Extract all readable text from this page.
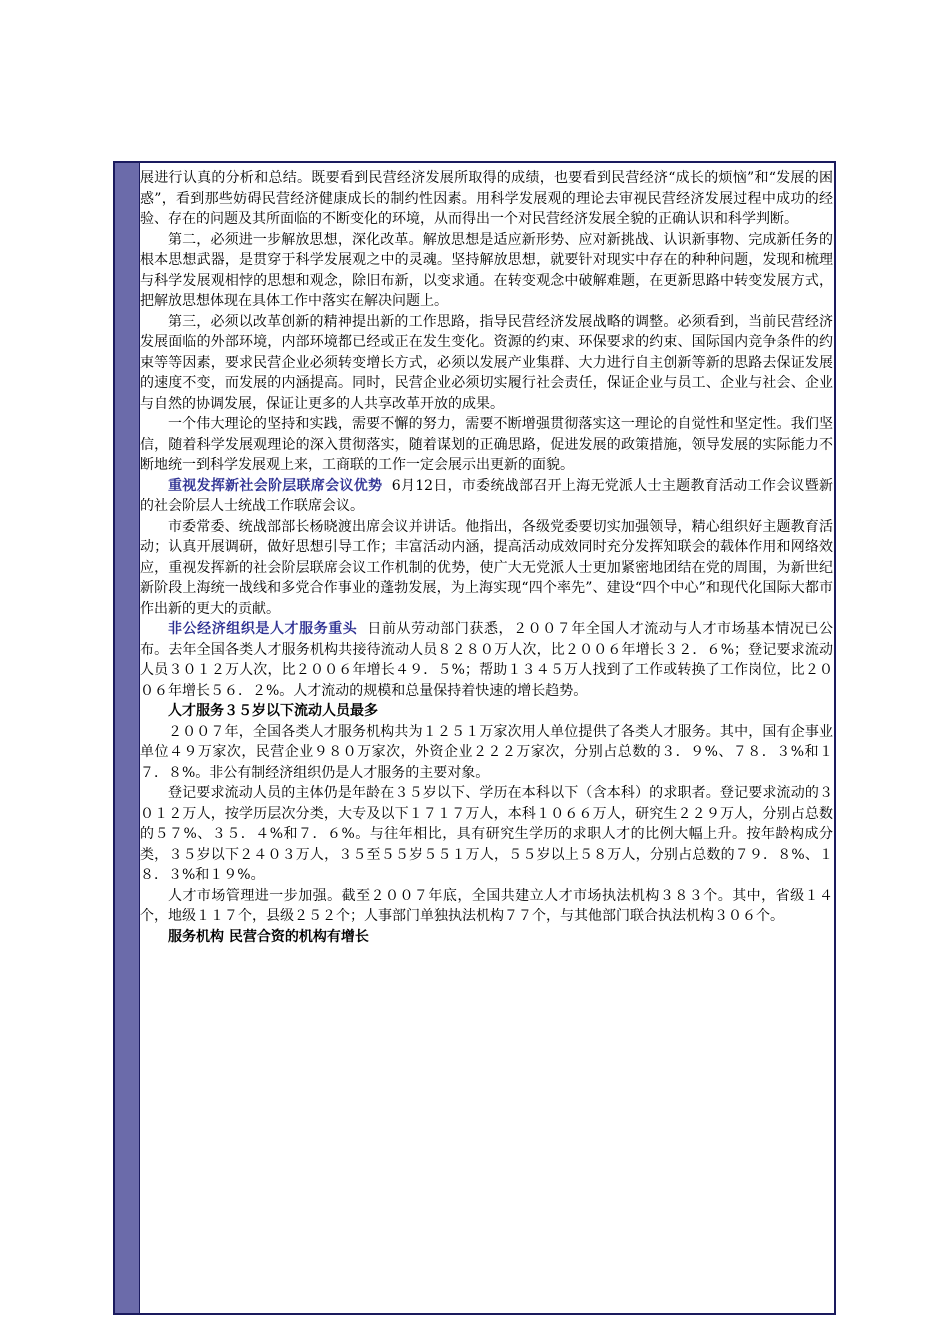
展进行认真的分析和总结。既要看到民营经济发展所取得的成绩，也要看到民营经济“成长的烦恼”和“发展的困惑”，看到那些妨碍民营经济健康成长的制约性因素。用科学发展观的理论去审视民营经济发展过程中成功的经验、存在的问题及其所面临的不断变化的环境，从而得出一个对民营经济发展全貌的正确认识和科学判断。

第二，必须进一步解放思想，深化改革。解放思想是适应新形势、应对新挑战、认识新事物、完成新任务的根本思想武器，是贯穿于科学发展观之中的灵魂。坚持解放思想，就要针对现实中存在的种种问题，发现和梳理与科学发展观相悖的思想和观念，除旧布新，以变求通。在转变观念中破解难题，在更新思路中转变发展方式，把解放思想体现在具体工作中落实在解决问题上。

第三，必须以改革创新的精神提出新的工作思路，指导民营经济发展战略的调整。必须看到，当前民营经济发展面临的外部环境，内部环境都已经或正在发生变化。资源的约束、环保要求的约束、国际国内竞争条件的约束等等因素，要求民营企业必须转变增长方式，必须以发展产业集群、大力进行自主创新等新的思路去保证发展的速度不变，而发展的内涵提高。同时，民营企业必须切实履行社会责任，保证企业与员工、企业与社会、企业与自然的协调发展，保证让更多的人共享改革开放的成果。

一个伟大理论的坚持和实践，需要不懈的努力，需要不断增强贯彻落实这一理论的自觉性和坚定性。我们坚信，随着科学发展观理论的深入贯彻落实，随着谋划的正确思路，促进发展的政策措施，领导发展的实际能力不断地统一到科学发展观上来，工商联的工作一定会展示出更新的面貌。

重视发挥新社会阶层联席会议优势 6月12日，市委统战部召开上海无党派人士主题教育活动工作会议暨新的社会阶层人士统战工作联席会议。

市委常委、统战部部长杨晓渡出席会议并讲话。他指出，各级党委要切实加强领导，精心组织好主题教育活动；认真开展调研，做好思想引导工作；丰富活动内涵，提高活动成效同时充分发挥知联会的载体作用和网络效应，重视发挥新的社会阶层联席会议工作机制的优势，使广大无党派人士更加紧密地团结在党的周围，为新世纪新阶段上海统一战线和多党合作事业的蓬勃发展，为上海实现“四个率先”、建设“四个中心”和现代化国际大都市作出新的更大的贡献。

非公经济组织是人才服务重头 日前从劳动部门获悉，２００７年全国人才流动与人才市场基本情况已公布。去年全国各类人才服务机构共接待流动人员８２８０万人次，比２００６年增长３２．６%；登记要求流动人员３０１２万人次，比２００６年增长４９．５%；帮助１３４５万人找到了工作或转换了工作岗位，比２００６年增长５６．２%。人才流动的规模和总量保持着快速的增长趋势。

人才服务３５岁以下流动人员最多

２００７年，全国各类人才服务机构共为１２５１万家次用人单位提供了各类人才服务。其中，国有企事业单位４９万家次，民营企业９８０万家次，外资企业２２２万家次，分别占总数的３．９%、７８．３%和１７．８%。非公有制经济组织仍是人才服务的主要对象。

登记要求流动人员的主体仍是年龄在３５岁以下、学历在本科以下（含本科）的求职者。登记要求流动的３０１２万人，按学历层次分类，大专及以下１７１７万人，本科１０６６万人，研究生２２９万人，分别占总数的５７%、３５．４%和７．６%。与往年相比，具有研究生学历的求职人才的比例大幅上升。按年龄构成分类，３５岁以下２４０３万人，３５至５５岁５５１万人，５５岁以上５８万人，分别占总数的７９．８%、１８．３%和１９%。

人才市场管理进一步加强。截至２００７年底，全国共建立人才市场执法机构３８３个。其中，省级１４个，地级１１７个，县级２５２个；人事部门单独执法机构７７个，与其他部门联合执法机构３０６个。

服务机构 民营合资的机构有增长
